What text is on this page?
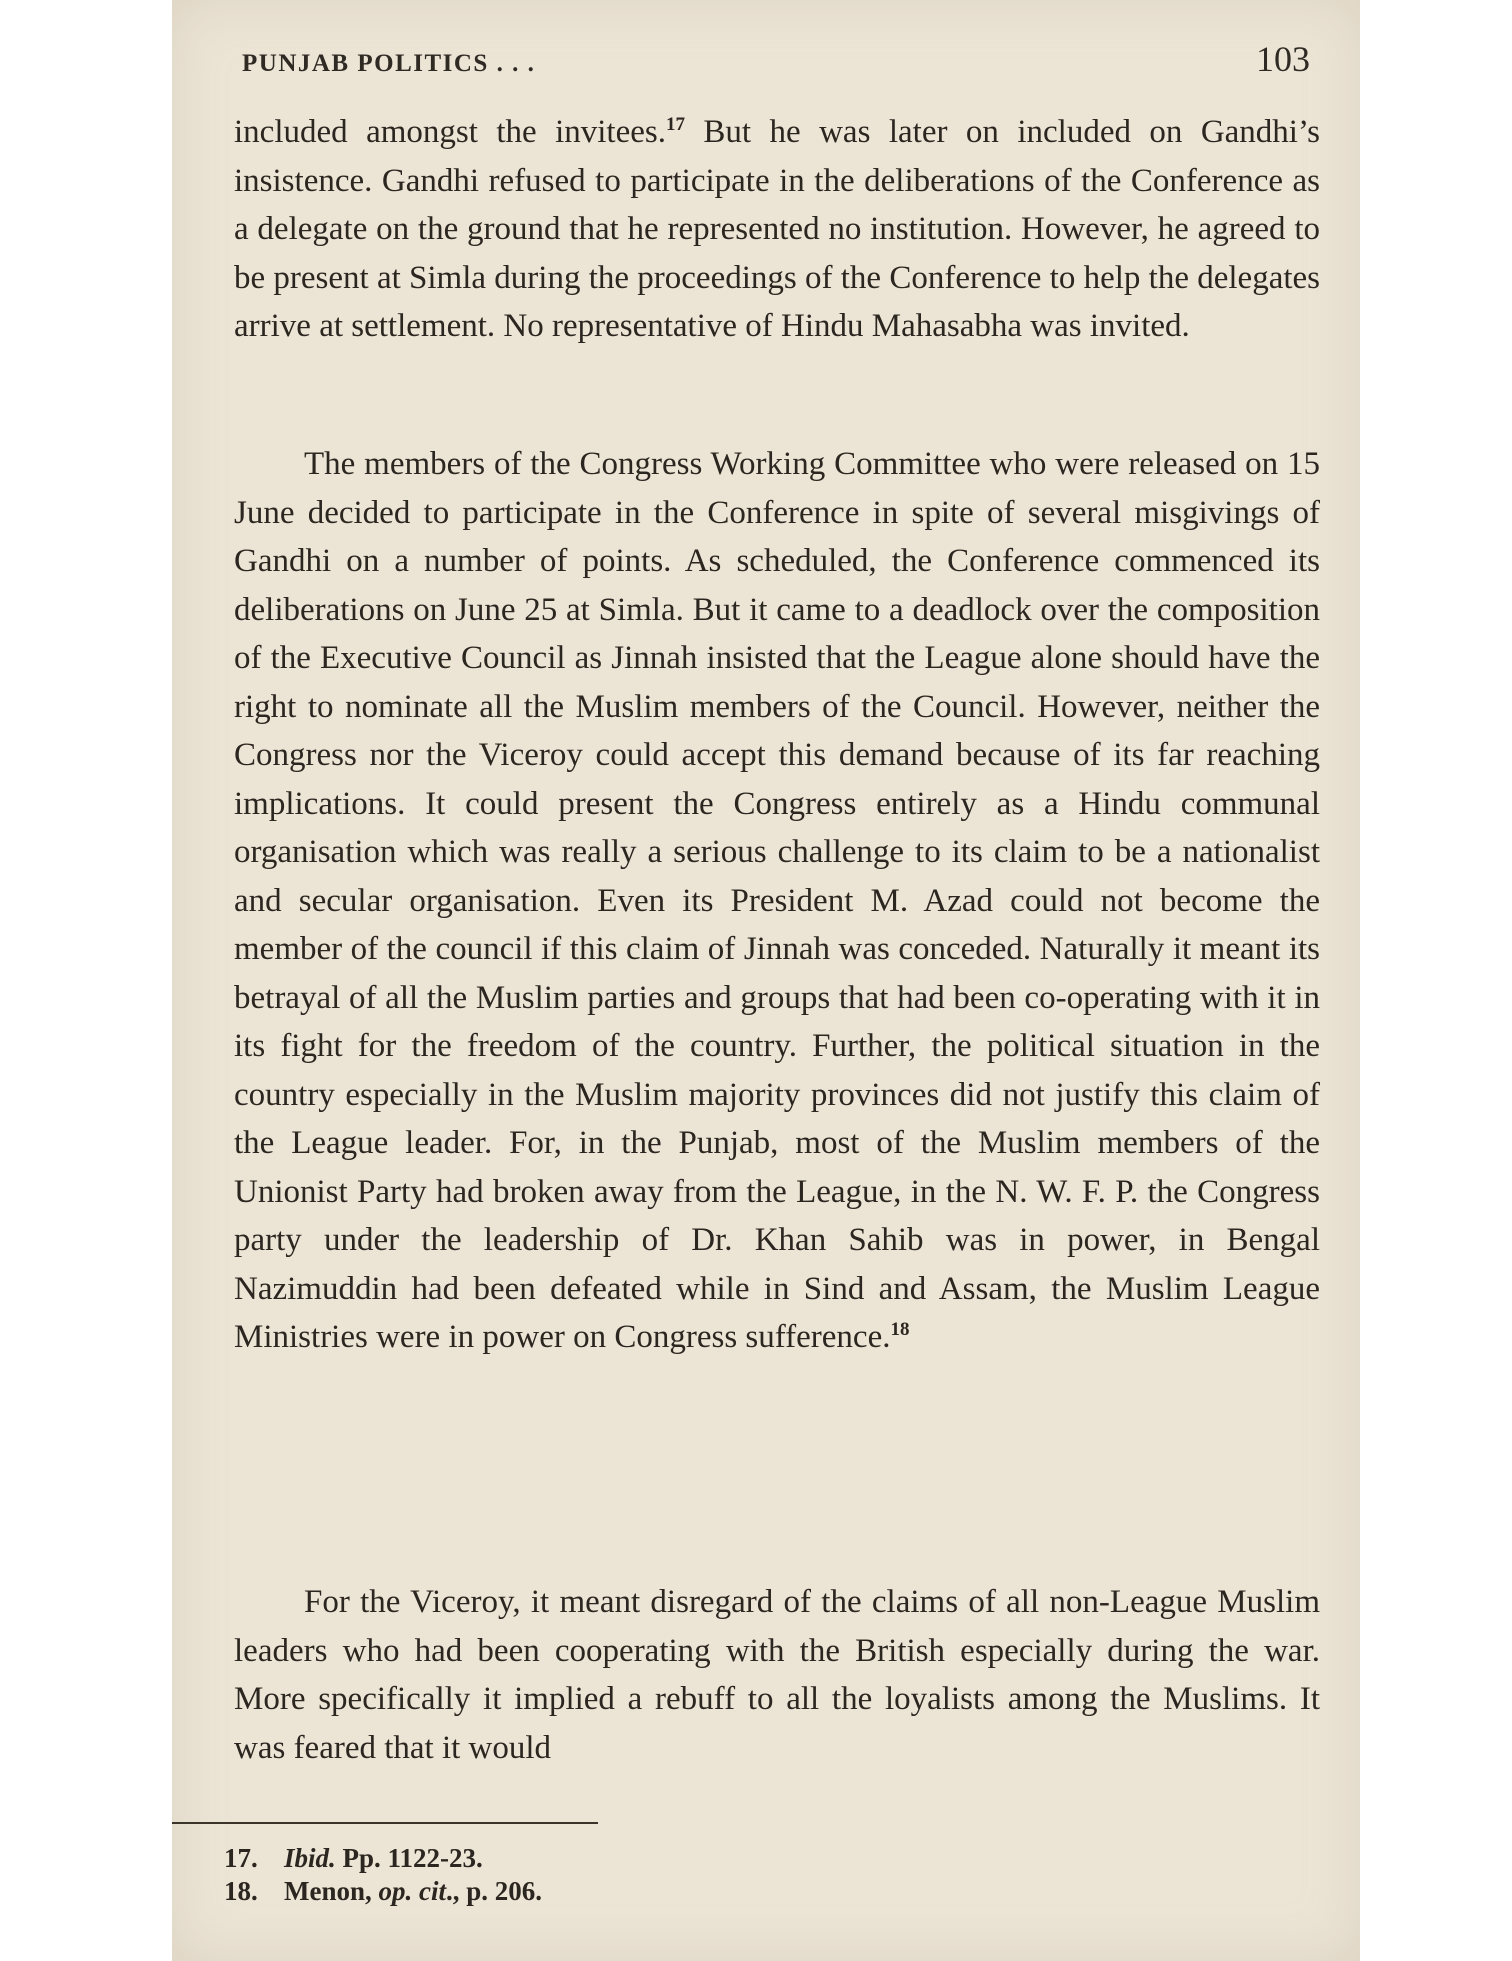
PUNJAB POLITICS . . .	103

included amongst the invitees.$^{17}$ But he was later on included on Gandhi’s insistence. Gandhi refused to participate in the deliberations of the Conference as a delegate on the ground that he represented no institution. However, he agreed to be present at Simla during the proceedings of the Conference to help the delegates arrive at settlement. No representative of Hindu Mahasabha was invited.

The members of the Congress Working Committee who were released on 15 June decided to participate in the Conference in spite of several misgivings of Gandhi on a number of points. As scheduled, the Conference commenced its deliberations on June 25 at Simla. But it came to a deadlock over the composition of the Executive Council as Jinnah insisted that the League alone should have the right to nominate all the Muslim members of the Council. However, neither the Congress nor the Viceroy could accept this demand because of its far reaching implications. It could present the Congress entirely as a Hindu communal organisation which was really a serious challenge to its claim to be a nationalist and secular organisation. Even its President M. Azad could not become the member of the council if this claim of Jinnah was conceded. Naturally it meant its betrayal of all the Muslim parties and groups that had been co-operating with it in its fight for the freedom of the country. Further, the political situation in the country especially in the Muslim majority provinces did not justify this claim of the League leader. For, in the Punjab, most of the Muslim members of the Unionist Party had broken away from the League, in the N. W. F. P. the Congress party under the leadership of Dr. Khan Sahib was in power, in Bengal Nazimuddin had been defeated while in Sind and Assam, the Muslim League Ministries were in power on Congress sufference.$^{18}$

For the Viceroy, it meant disregard of the claims of all non-League Muslim leaders who had been cooperating with the British especially during the war. More specifically it implied a rebuff to all the loyalists among the Muslims. It was feared that it would

17. Ibid. Pp. 1122-23.
18. Menon, op. cit., p. 206.
